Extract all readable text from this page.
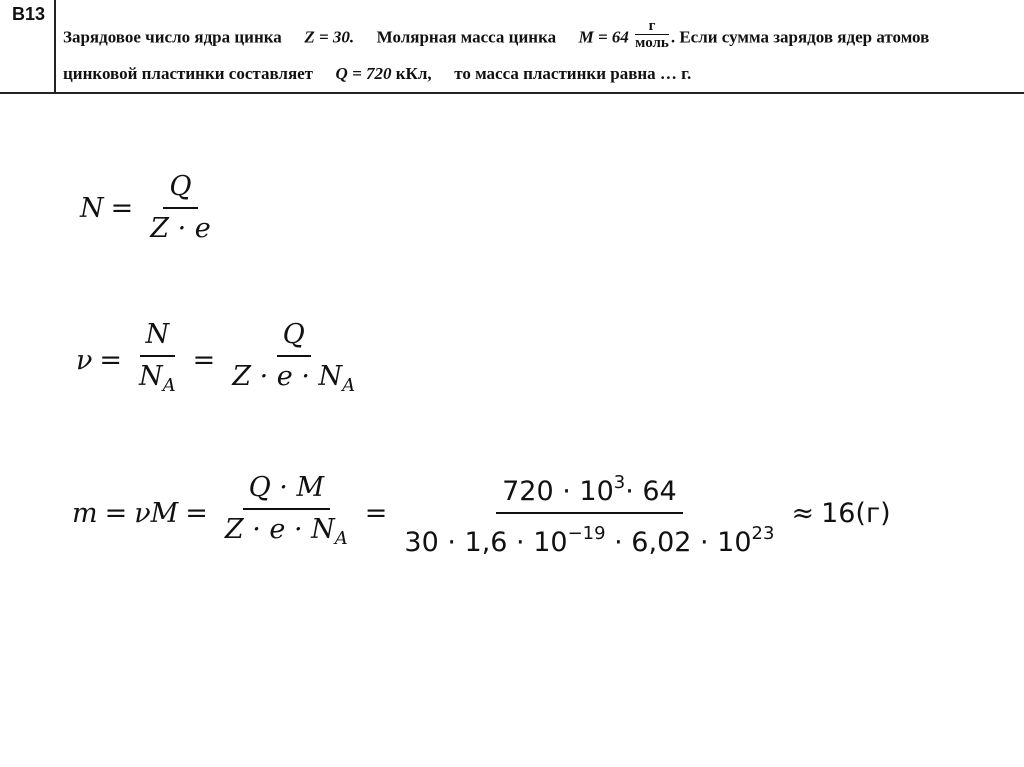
B13
Зарядовое число ядра цинка Z = 30. Молярная масса цинка $M = 64 \frac{г}{\text{моль}}$ . Если сумма зарядов ядер атомов
цинковой пластинки составляет Q = 720 кКл, то масса пластинки равна … г.
$N = \frac{Q}{Z \cdot e}$
$\nu = \frac{N}{N_A} = \frac{Q}{Z \cdot e \cdot N_A}$
$m = \nu M = \frac{Q \cdot M}{Z \cdot e \cdot N_A} = \frac{720 \cdot 10^3\cdot 64}{30 \cdot 1,6 \cdot 10^{-19} \cdot 6,02 \cdot 10^{23}} \approx 16(г)$
